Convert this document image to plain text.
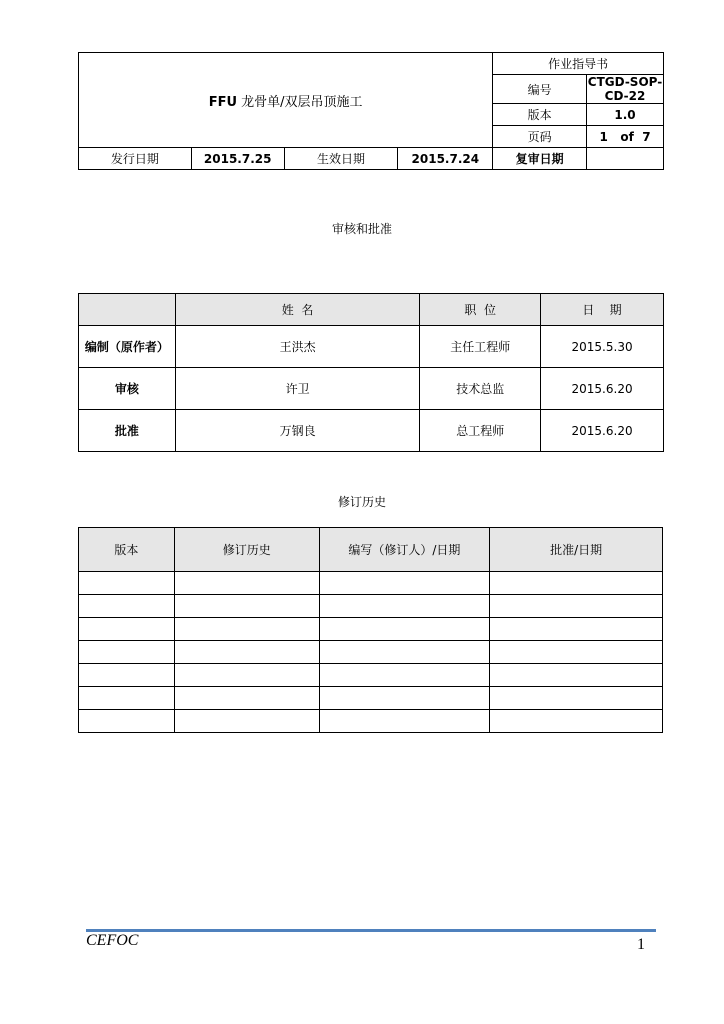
FFU 龙骨单/双层吊顶施工				作业指导书	
				编号	CTGD-SOP-CD-22
				版本	1.0
				页码	1   of  7
发行日期	2015.7.25	生效日期	2015.7.24	复审日期	
审核和批准
	姓  名	职  位	日    期
编制（原作者）	王洪杰	主任工程师	2015.5.30
审核	许卫	技术总监	2015.6.20
批准	万钢良	总工程师	2015.6.20
修订历史
版本	修订历史	编写（修订人）/日期	批准/日期

CEFOC	1
